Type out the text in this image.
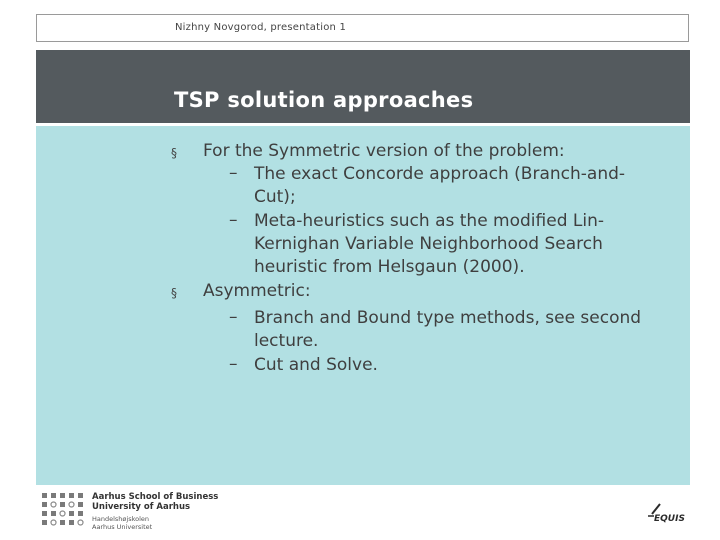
Nizhny Novgorod, presentation 1
TSP solution approaches
§ For the Symmetric version of the problem:
– The exact Concorde approach (Branch-and-
Cut);
– Meta-heuristics such as the modified Lin-
Kernighan Variable Neighborhood Search
heuristic from Helsgaun (2000).
§ Asymmetric:
– Branch and Bound type methods, see second
lecture.
– Cut and Solve.
Aarhus School of Business
University of Aarhus
Handelshøjskolen
Aarhus Universitet
EQUIS
